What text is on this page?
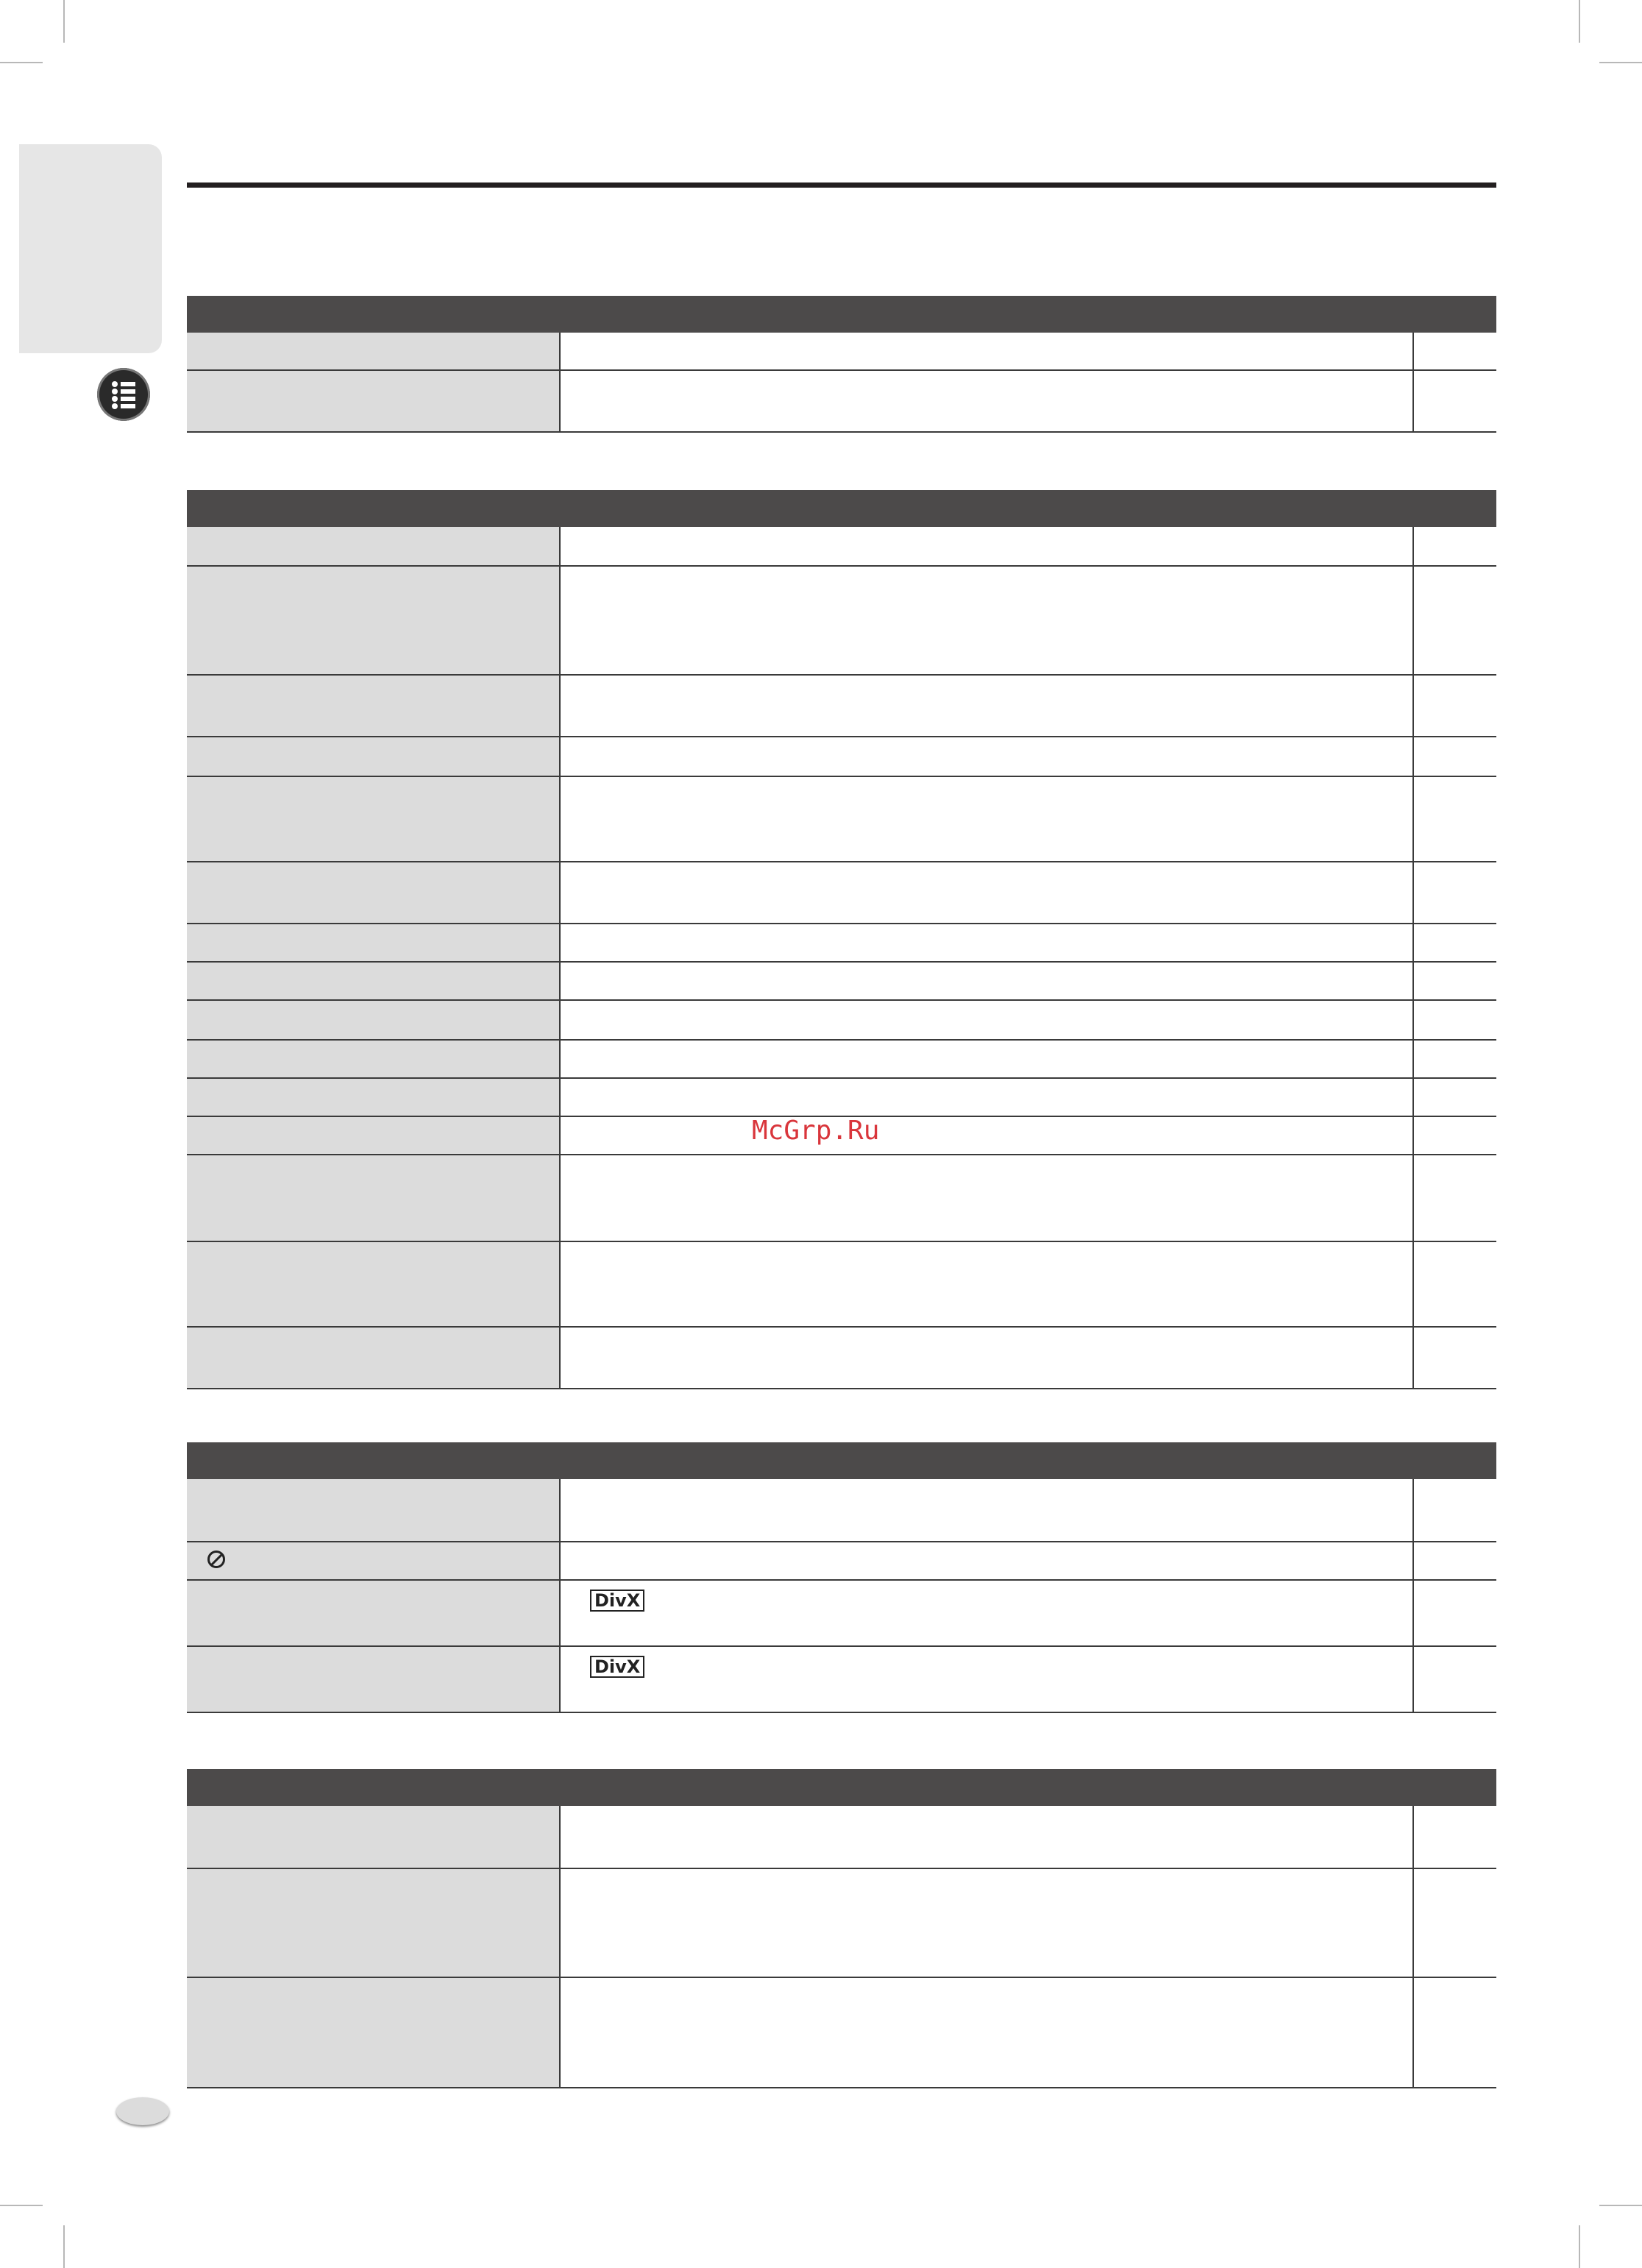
DivX
DivX
McGrp.Ru
